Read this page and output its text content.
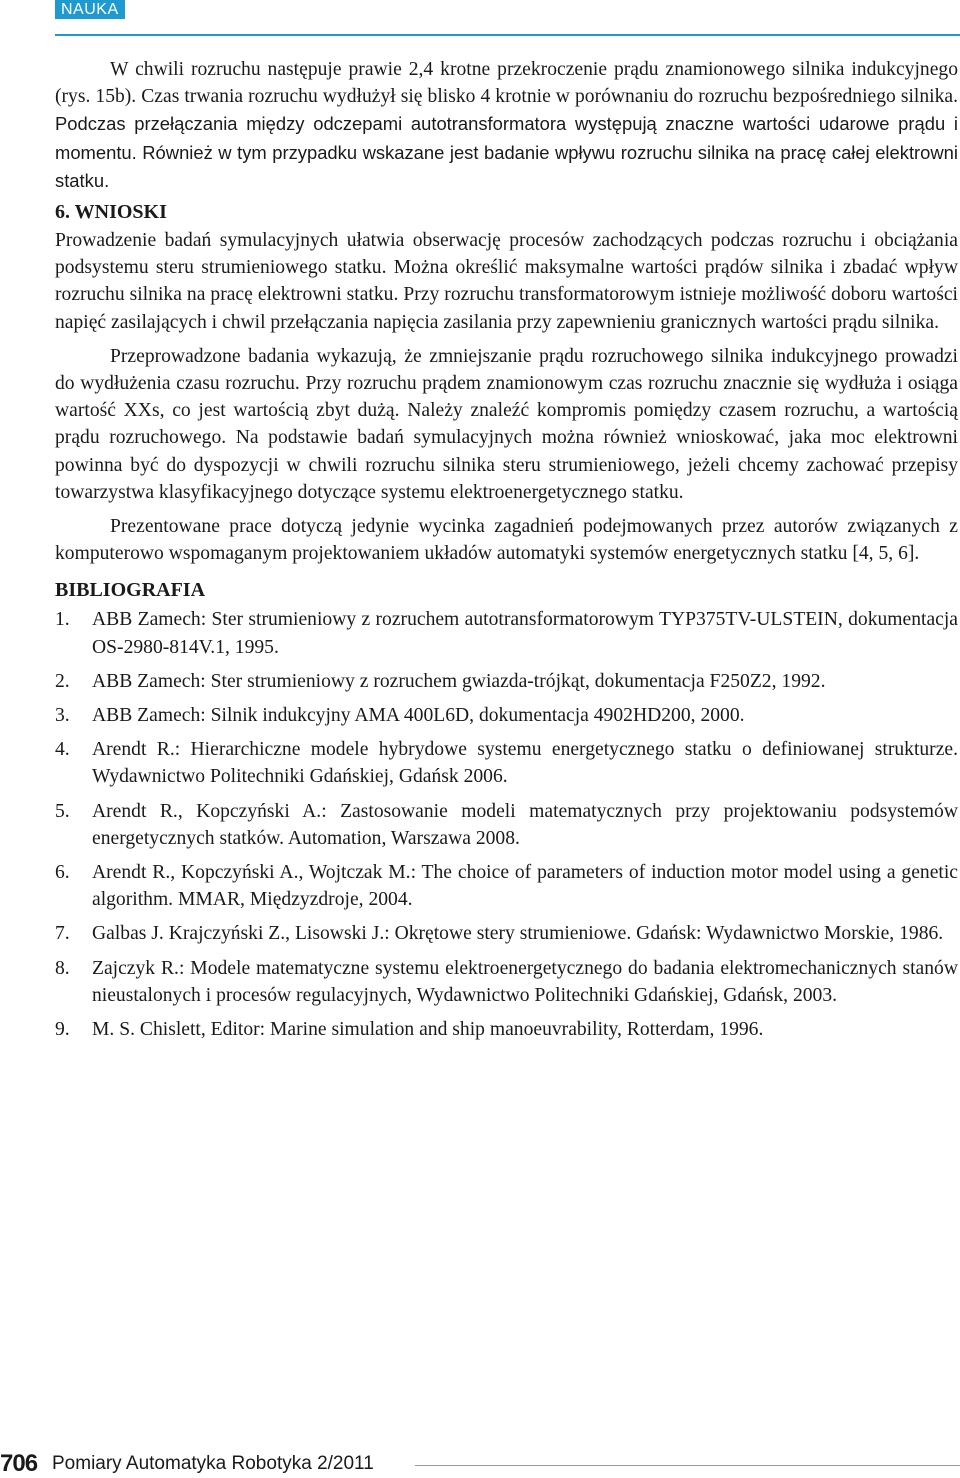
NAUKA

W chwili rozruchu następuje prawie 2,4 krotne przekroczenie prądu znamionowego silnika indukcyjnego (rys. 15b). Czas trwania rozruchu wydłużył się blisko 4 krotnie w porównaniu do rozruchu bezpośredniego silnika. Podczas przełączania między odczepami autotransformatora występują znaczne wartości udarowe prądu i momentu. Również w tym przypadku wskazane jest badanie wpływu rozruchu silnika na pracę całej elektrowni statku.

6. WNIOSKI

Prowadzenie badań symulacyjnych ułatwia obserwację procesów zachodzących podczas rozruchu i obciążania podsystemu steru strumieniowego statku. Można określić maksymalne wartości prądów silnika i zbadać wpływ rozruchu silnika na pracę elektrowni statku. Przy rozruchu transformatorowym istnieje możliwość doboru wartości napięć zasilających i chwil przełączania napięcia zasilania przy zapewnieniu granicznych wartości prądu silnika.

Przeprowadzone badania wykazują, że zmniejszanie prądu rozruchowego silnika indukcyjnego prowadzi do wydłużenia czasu rozruchu. Przy rozruchu prądem znamionowym czas rozruchu znacznie się wydłuża i osiąga wartość XXs, co jest wartością zbyt dużą. Należy znaleźć kompromis pomiędzy czasem rozruchu, a wartością prądu rozruchowego. Na podstawie badań symulacyjnych można również wnioskować, jaka moc elektrowni powinna być do dyspozycji w chwili rozruchu silnika steru strumieniowego, jeżeli chcemy zachować przepisy towarzystwa klasyfikacyjnego dotyczące systemu elektroenergetycznego statku.

Prezentowane prace dotyczą jedynie wycinka zagadnień podejmowanych przez autorów związanych z komputerowo wspomaganym projektowaniem układów automatyki systemów energetycznych statku [4, 5, 6].

BIBLIOGRAFIA
1.	ABB Zamech: Ster strumieniowy z rozruchem autotransformatorowym TYP375TV-ULSTEIN, dokumentacja OS-2980-814V.1, 1995.
2.	ABB Zamech: Ster strumieniowy z rozruchem gwiazda-trójkąt, dokumentacja F250Z2, 1992.
3.	ABB Zamech: Silnik indukcyjny AMA 400L6D, dokumentacja 4902HD200, 2000.
4.	Arendt R.: Hierarchiczne modele hybrydowe systemu energetycznego statku o definiowanej strukturze. Wydawnictwo Politechniki Gdańskiej, Gdańsk 2006.
5.	Arendt R., Kopczyński A.: Zastosowanie modeli matematycznych przy projektowaniu podsystemów energetycznych statków. Automation, Warszawa 2008.
6.	Arendt R., Kopczyński A., Wojtczak M.: The choice of parameters of induction motor model using a genetic algorithm. MMAR, Międzyzdroje, 2004.
7.	Galbas J. Krajczyński Z., Lisowski J.: Okrętowe stery strumieniowe. Gdańsk: Wydawnictwo Morskie, 1986.
8.	Zajczyk R.: Modele matematyczne systemu elektroenergetycznego do badania elektromechanicznych stanów nieustalonych i procesów regulacyjnych, Wydawnictwo Politechniki Gdańskiej, Gdańsk, 2003.
9.	M. S. Chislett, Editor: Marine simulation and ship manoeuvrability, Rotterdam, 1996.
706 Pomiary Automatyka Robotyka 2/2011
